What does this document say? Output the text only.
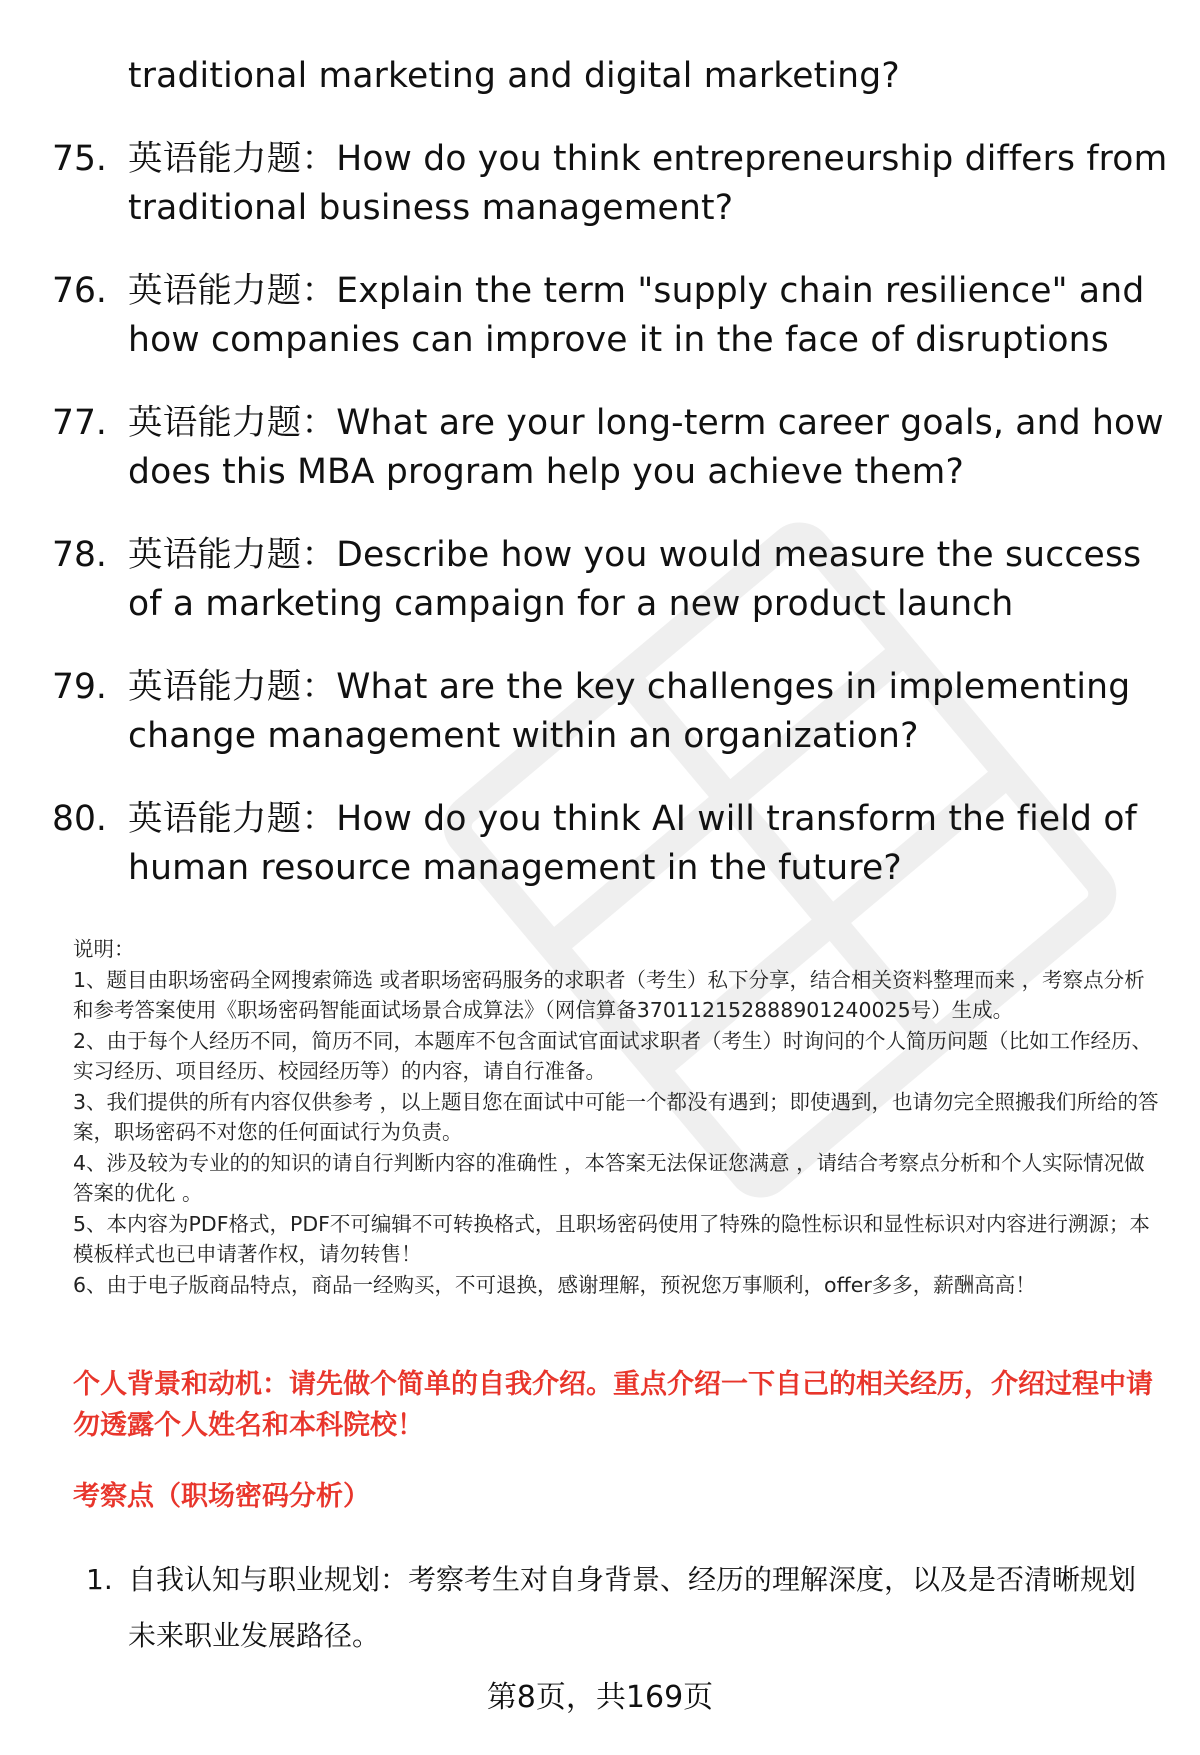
traditional marketing and digital marketing?
75. 英语能力题：How do you think entrepreneurship differs from traditional business management?
76. 英语能力题：Explain the term "supply chain resilience" and how companies can improve it in the face of disruptions
77. 英语能力题：What are your long-term career goals, and how does this MBA program help you achieve them?
78. 英语能力题：Describe how you would measure the success of a marketing campaign for a new product launch
79. 英语能力题：What are the key challenges in implementing change management within an organization?
80. 英语能力题：How do you think AI will transform the field of human resource management in the future?

说明：

1、题目由职场密码全网搜索筛选 或者职场密码服务的求职者（考生）私下分享，结合相关资料整理而来 ，考察点分析和参考答案使用《职场密码智能面试场景合成算法》（网信算备370112152888901240025号）生成。

2、由于每个人经历不同，简历不同，本题库不包含面试官面试求职者（考生）时询问的个人简历问题（比如工作经历、实习经历、项目经历、校园经历等）的内容，请自行准备。

3、我们提供的所有内容仅供参考 ，以上题目您在面试中可能一个都没有遇到；即使遇到，也请勿完全照搬我们所给的答案，职场密码不对您的任何面试行为负责。

4、涉及较为专业的的知识的请自行判断内容的准确性 ，本答案无法保证您满意 ，请结合考察点分析和个人实际情况做答案的优化 。

5、本内容为PDF格式，PDF不可编辑不可转换格式，且职场密码使用了特殊的隐性标识和显性标识对内容进行溯源；本模板样式也已申请著作权，请勿转售！

6、由于电子版商品特点，商品一经购买，不可退换，感谢理解，预祝您万事顺利，offer多多，薪酬高高！

个人背景和动机：请先做个简单的自我介绍。重点介绍一下自己的相关经历，介绍过程中请勿透露个人姓名和本科院校！

考察点（职场密码分析）

1. 自我认知与职业规划：考察考生对自身背景、经历的理解深度，以及是否清晰规划未来职业发展路径。
第8页，共169页
